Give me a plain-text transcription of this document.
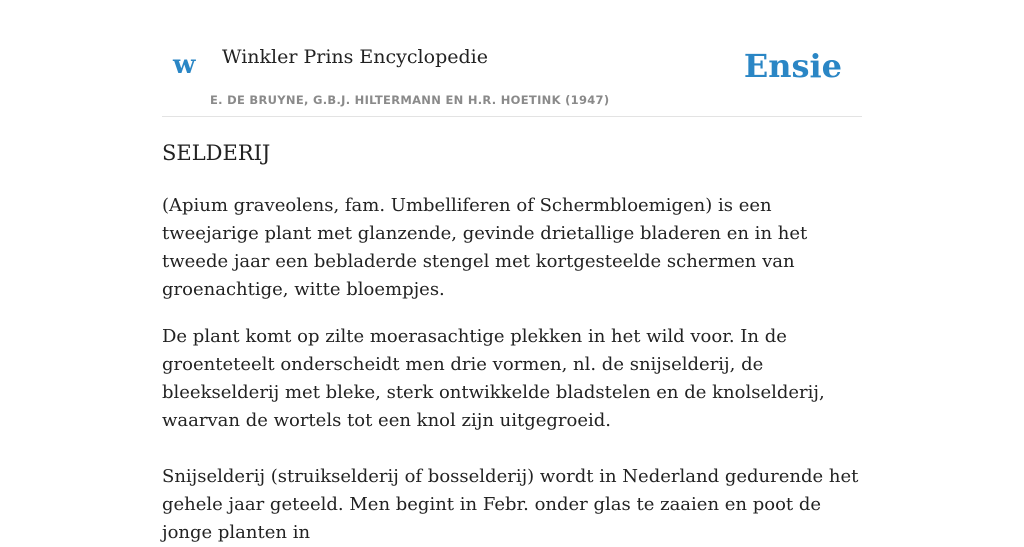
w Winkler Prins Encyclopedie
E. DE BRUYNE, G.B.J. HILTERMANN EN H.R. HOETINK (1947)
Ensie
SELDERIJ

(Apium graveolens, fam. Umbelliferen of Schermbloemigen) is een tweejarige plant met glanzende, gevinde drietallige bladeren en in het tweede jaar een bebladerde stengel met kortgesteelde schermen van groenachtige, witte bloempjes.

De plant komt op zilte moerasachtige plekken in het wild voor. In de groenteteelt onderscheidt men drie vormen, nl. de snijselderij, de bleekselderij met bleke, sterk ontwikkelde bladstelen en de knolselderij, waarvan de wortels tot een knol zijn uitgegroeid.

Snijselderij (struikselderij of bosselderij) wordt in Nederland gedurende het gehele jaar geteeld. Men begint in Febr. onder glas te zaaien en poot de jonge planten in
